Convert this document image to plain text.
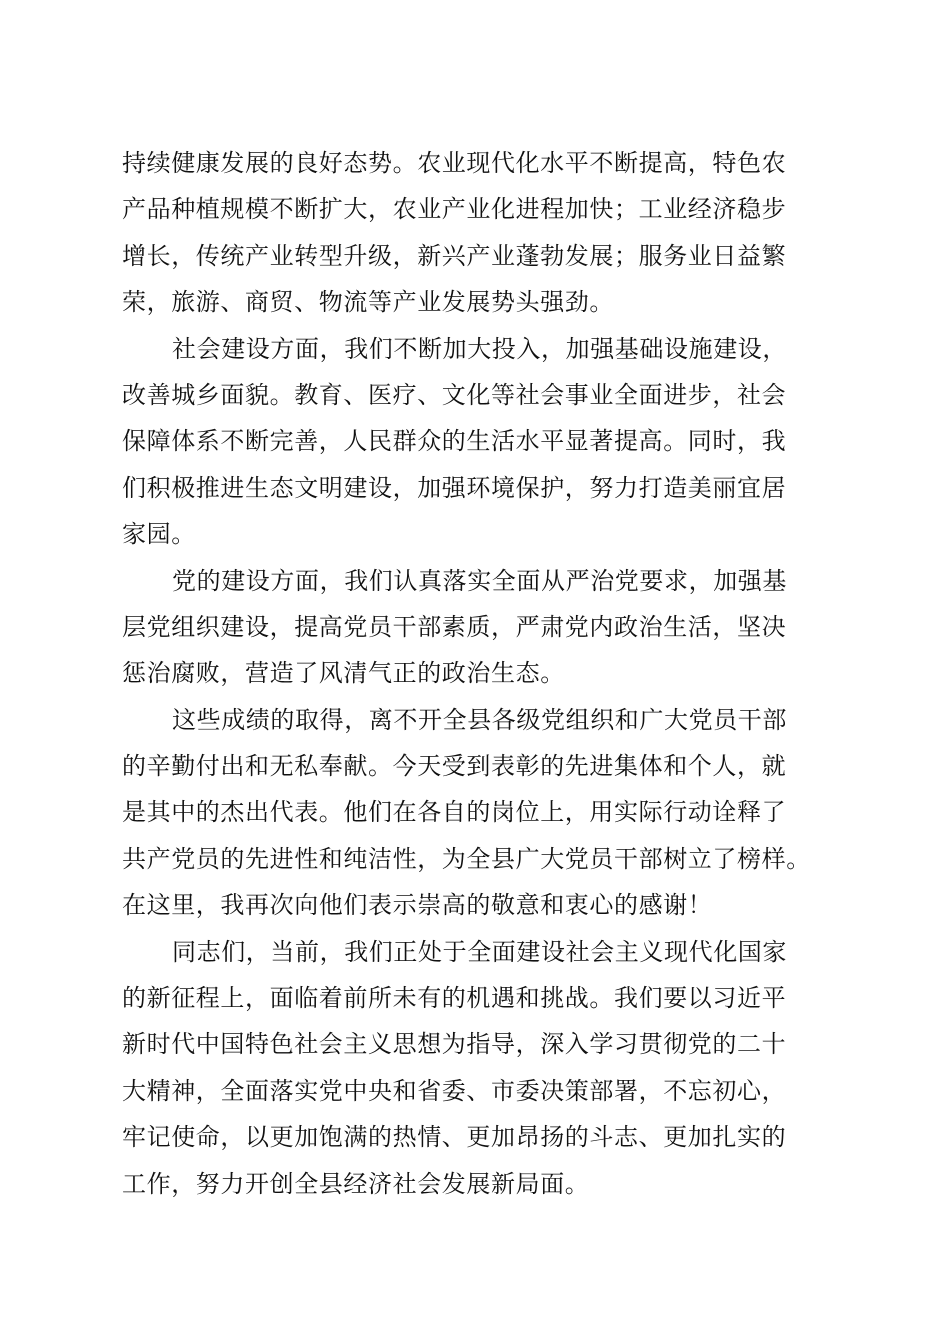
持续健康发展的良好态势。农业现代化水平不断提高，特色农
产品种植规模不断扩大，农业产业化进程加快；工业经济稳步
增长，传统产业转型升级，新兴产业蓬勃发展；服务业日益繁
荣，旅游、商贸、物流等产业发展势头强劲。
社会建设方面，我们不断加大投入，加强基础设施建设，
改善城乡面貌。教育、医疗、文化等社会事业全面进步，社会
保障体系不断完善，人民群众的生活水平显著提高。同时，我
们积极推进生态文明建设，加强环境保护，努力打造美丽宜居
家园。
党的建设方面，我们认真落实全面从严治党要求，加强基
层党组织建设，提高党员干部素质，严肃党内政治生活，坚决
惩治腐败，营造了风清气正的政治生态。
这些成绩的取得，离不开全县各级党组织和广大党员干部
的辛勤付出和无私奉献。今天受到表彰的先进集体和个人，就
是其中的杰出代表。他们在各自的岗位上，用实际行动诠释了
共产党员的先进性和纯洁性，为全县广大党员干部树立了榜样。
在这里，我再次向他们表示崇高的敬意和衷心的感谢！
同志们，当前，我们正处于全面建设社会主义现代化国家
的新征程上，面临着前所未有的机遇和挑战。我们要以习近平
新时代中国特色社会主义思想为指导，深入学习贯彻党的二十
大精神，全面落实党中央和省委、市委决策部署，不忘初心，
牢记使命，以更加饱满的热情、更加昂扬的斗志、更加扎实的
工作，努力开创全县经济社会发展新局面。
